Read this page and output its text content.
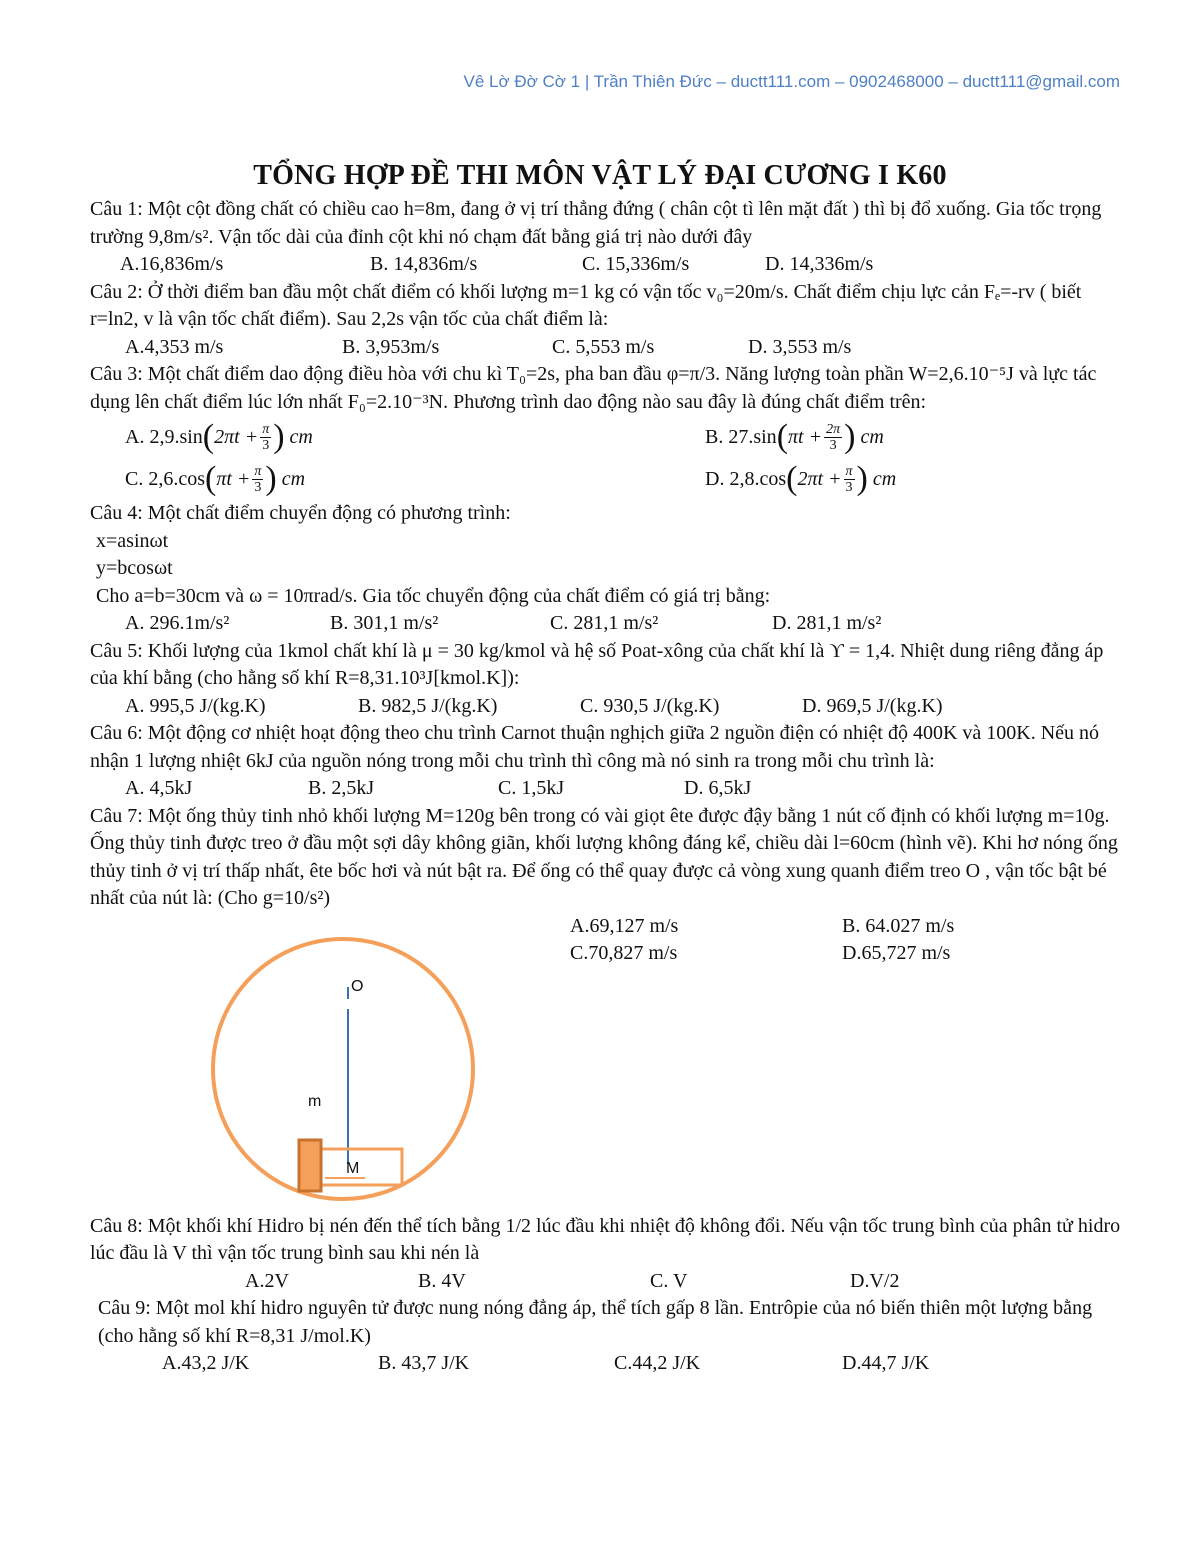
Vê Lờ Đờ Cờ 1 | Trần Thiên Đức – ductt111.com – 0902468000 – ductt111@gmail.com
TỔNG HỢP ĐỀ THI MÔN VẬT LÝ ĐẠI CƯƠNG I K60
Câu 1: Một cột đồng chất có chiều cao h=8m, đang ở vị trí thẳng đứng ( chân cột tì lên mặt đất ) thì bị đổ xuống. Gia tốc trọng trường 9,8m/s². Vận tốc dài của đỉnh cột khi nó chạm đất bằng giá trị nào dưới đây
A.16,836m/s	B. 14,836m/s	C. 15,336m/s	D. 14,336m/s
Câu 2: Ở thời điểm ban đầu một chất điểm có khối lượng m=1 kg có vận tốc v₀=20m/s. Chất điểm chịu lực cản Fₑ=-rv ( biết r=ln2, v là vận tốc chất điểm). Sau 2,2s vận tốc của chất điểm là:
A.4,353 m/s	B. 3,953m/s	C. 5,553 m/s	D. 3,553 m/s
Câu 3: Một chất điểm dao động điều hòa với chu kì T₀=2s, pha ban đầu φ=π/3. Năng lượng toàn phần W=2,6.10⁻⁵J và lực tác dụng lên chất điểm lúc lớn nhất F₀=2.10⁻³N. Phương trình dao động nào sau đây là đúng chất điểm trên:
A. 2,9.sin ( $2\pi t + \frac{\pi}{3}$ )
cm	B. 27.sin ( $\pi t + \frac{2\pi}{3}$ )
cm
C. 2,6.cos ( $\pi t + \frac{\pi}{3}$ )
cm	D. 2,8.cos ( $2\pi t + \frac{\pi}{3}$ )
cm
Câu 4: Một chất điểm chuyển động có phương trình:
x=asinωt
y=bcosωt
Cho a=b=30cm và ω = 10πrad/s. Gia tốc chuyển động của chất điểm có giá trị bằng:
A. 296.1m/s²	B. 301,1 m/s²	C. 281,1 m/s²	D. 281,1 m/s²
Câu 5: Khối lượng của 1kmol chất khí là μ = 30 kg/kmol và hệ số Poat-xông của chất khí là ϒ = 1,4. Nhiệt dung riêng đẳng áp của khí bằng (cho hằng số khí R=8,31.10³J[kmol.K]):
A. 995,5 J/(kg.K)	B. 982,5 J/(kg.K)	C. 930,5 J/(kg.K)	D. 969,5 J/(kg.K)
Câu 6: Một động cơ nhiệt hoạt động theo chu trình Carnot thuận nghịch giữa 2 nguồn điện có nhiệt độ 400K và 100K. Nếu nó nhận 1 lượng nhiệt 6kJ của nguồn nóng trong mỗi chu trình thì công mà nó sinh ra trong mỗi chu trình là:
A. 4,5kJ	B. 2,5kJ	C. 1,5kJ	D. 6,5kJ
Câu 7: Một ống thủy tinh nhỏ khối lượng M=120g bên trong có vài giọt ête được đậy bằng 1 nút cố định có khối lượng m=10g. Ống thủy tinh được treo ở đầu một sợi dây không giãn, khối lượng không đáng kể, chiều dài l=60cm (hình vẽ). Khi hơ nóng ống thủy tinh ở vị trí thấp nhất, ête bốc hơi và nút bật ra. Để ống có thể quay được cả vòng xung quanh điểm treo O , vận tốc bật bé nhất của nút là: (Cho g=10/s²)
A.69,127 m/s	B. 64.027 m/s
C.70,827 m/s	D.65,727 m/s
O
m
M
Câu 8: Một khối khí Hidro bị nén đến thể tích bằng 1/2 lúc đầu khi nhiệt độ không đổi. Nếu vận tốc trung bình của phân tử hidro lúc đầu là V thì vận tốc trung bình sau khi nén là
A.2V	B. 4V	C. V	D.V/2
Câu 9: Một mol khí hidro nguyên tử được nung nóng đẳng áp, thể tích gấp 8 lần. Entrôpie của nó biến thiên một lượng bằng (cho hằng số khí R=8,31 J/mol.K)
A.43,2 J/K	B. 43,7 J/K	C.44,2 J/K	D.44,7 J/K
